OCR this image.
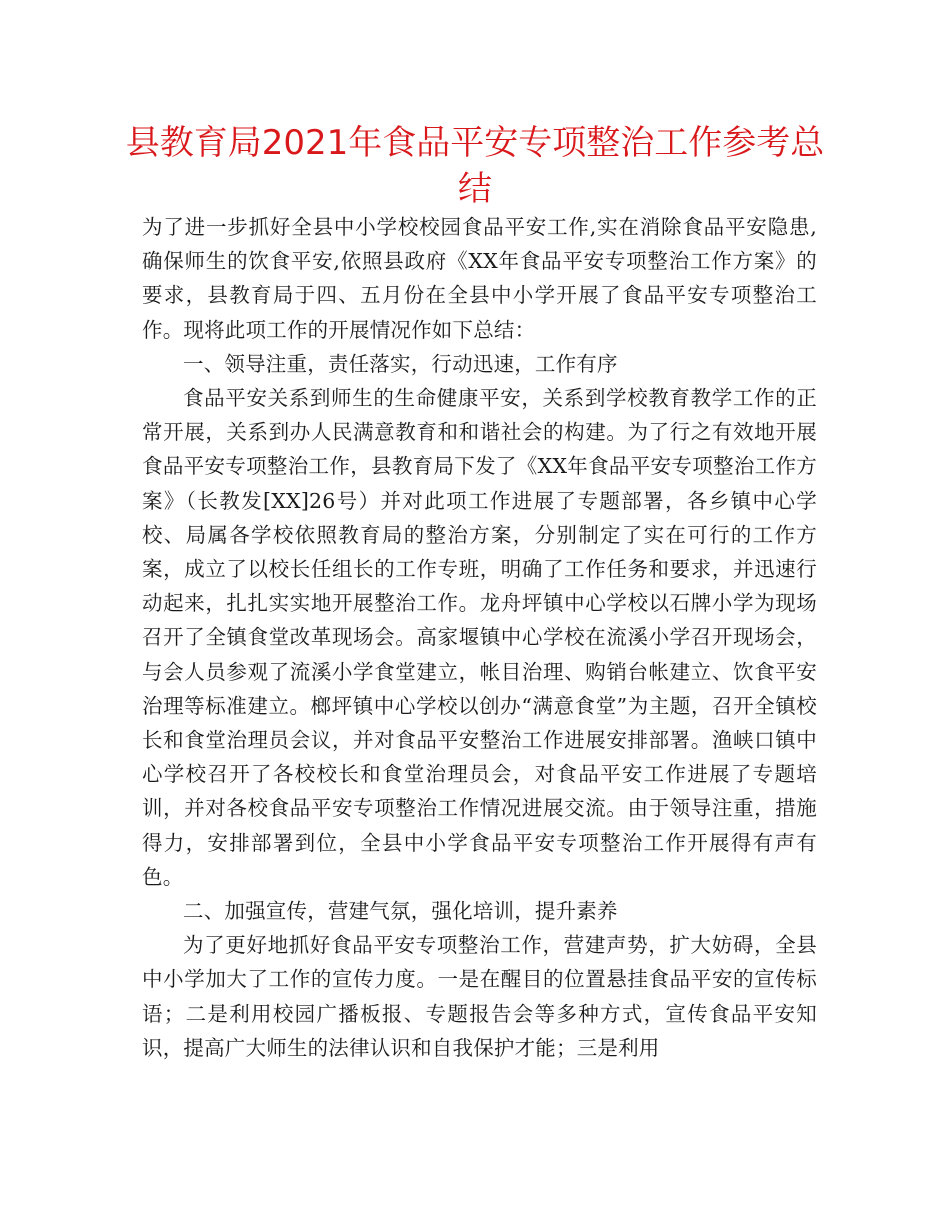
县教育局2021年食品平安专项整治工作参考总结

为了进一步抓好全县中小学校校园食品平安工作,实在消除食品平安隐患,确保师生的饮食平安,依照县政府《XX年食品平安专项整治工作方案》的要求，县教育局于四、五月份在全县中小学开展了食品平安专项整治工作。现将此项工作的开展情况作如下总结：

一、领导注重，责任落实，行动迅速，工作有序

食品平安关系到师生的生命健康平安，关系到学校教育教学工作的正常开展，关系到办人民满意教育和和谐社会的构建。为了行之有效地开展食品平安专项整治工作，县教育局下发了《XX年食品平安专项整治工作方案》（长教发[XX]26号）并对此项工作进展了专题部署，各乡镇中心学校、局属各学校依照教育局的整治方案，分别制定了实在可行的工作方案，成立了以校长任组长的工作专班，明确了工作任务和要求，并迅速行动起来，扎扎实实地开展整治工作。龙舟坪镇中心学校以石牌小学为现场召开了全镇食堂改革现场会。高家堰镇中心学校在流溪小学召开现场会，与会人员参观了流溪小学食堂建立，帐目治理、购销台帐建立、饮食平安治理等标准建立。榔坪镇中心学校以创办“满意食堂”为主题，召开全镇校长和食堂治理员会议，并对食品平安整治工作进展安排部署。渔峡口镇中心学校召开了各校校长和食堂治理员会，对食品平安工作进展了专题培训，并对各校食品平安专项整治工作情况进展交流。由于领导注重，措施得力，安排部署到位，全县中小学食品平安专项整治工作开展得有声有色。

二、加强宣传，营建气氛，强化培训，提升素养

为了更好地抓好食品平安专项整治工作，营建声势，扩大妨碍，全县中小学加大了工作的宣传力度。一是在醒目的位置悬挂食品平安的宣传标语；二是利用校园广播板报、专题报告会等多种方式，宣传食品平安知识，提高广大师生的法律认识和自我保护才能；三是利用
